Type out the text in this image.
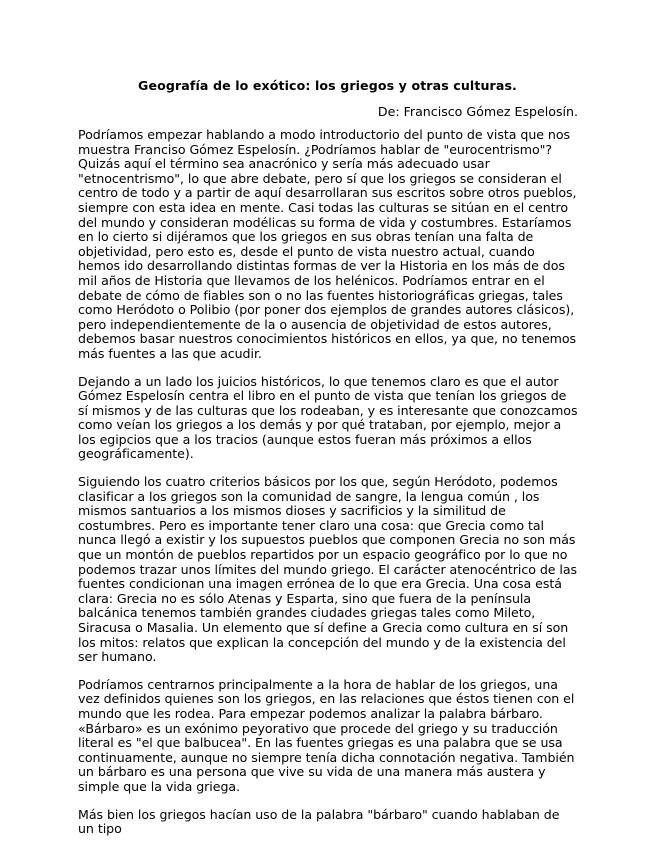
Geografía de lo exótico: los griegos y otras culturas.

De: Francisco Gómez Espelosín.

Podríamos empezar hablando a modo introductorio del punto de vista que nos muestra Franciso Gómez Espelosín. ¿Podríamos hablar de "eurocentrismo"? Quizás aquí el término sea anacrónico y sería más adecuado usar "etnocentrismo", lo que abre debate, pero sí que los griegos se consideran el centro de todo y a partir de aquí desarrollaran sus escritos sobre otros pueblos, siempre con esta idea en mente. Casi todas las culturas se sitúan en el centro del mundo y consideran modélicas su forma de vida y costumbres. Estaríamos en lo cierto si dijéramos que los griegos en sus obras tenían una falta de objetividad, pero esto es, desde el punto de vista nuestro actual, cuando hemos ido desarrollando distintas formas de ver la Historia en los más de dos mil años de Historia que llevamos de los helénicos. Podríamos entrar en el debate de cómo de fiables son o no las fuentes historiográficas griegas, tales como Heródoto o Polibio (por poner dos ejemplos de grandes autores clásicos), pero independientemente de la o ausencia de objetividad de estos autores, debemos basar nuestros conocimientos históricos en ellos, ya que, no tenemos más fuentes a las que acudir.

Dejando a un lado los juicios históricos, lo que tenemos claro es que el autor Gómez Espelosín centra el libro en el punto de vista que tenían los griegos de sí mismos y de las culturas que los rodeaban, y es interesante que conozcamos como veían los griegos a los demás y por qué trataban, por ejemplo, mejor a los egipcios que a los tracios (aunque estos fueran más próximos a ellos geográficamente).

Siguiendo los cuatro criterios básicos por los que, según Heródoto, podemos clasificar a los griegos son la comunidad de sangre, la lengua común , los mismos santuarios a los mismos dioses y sacrificios y la similitud de costumbres. Pero es importante tener claro una cosa: que Grecia como tal nunca llegó a existir y los supuestos pueblos que componen Grecia no son más que un montón de pueblos repartidos por un espacio geográfico por lo que no podemos trazar unos límites del mundo griego. El carácter atenocéntrico de las fuentes condicionan una imagen errónea de lo que era Grecia. Una cosa está clara: Grecia no es sólo Atenas y Esparta, sino que fuera de la península balcánica tenemos también grandes ciudades griegas tales como Mileto, Siracusa o Masalia. Un elemento que sí define a Grecia como cultura en sí son los mitos: relatos que explican la concepción del mundo y de la existencia del ser humano.

Podríamos centrarnos principalmente a la hora de hablar de los griegos, una vez definidos quienes son los griegos, en las relaciones que éstos tienen con el mundo que les rodea. Para empezar podemos analizar la palabra bárbaro. «Bárbaro» es un exónimo peyorativo que procede del griego y su traducción literal es "el que balbucea". En las fuentes griegas es una palabra que se usa continuamente, aunque no siempre tenía dicha connotación negativa. También un bárbaro es una persona que vive su vida de una manera más austera y simple que la vida griega.

Más bien los griegos hacían uso de la palabra "bárbaro" cuando hablaban de un tipo
